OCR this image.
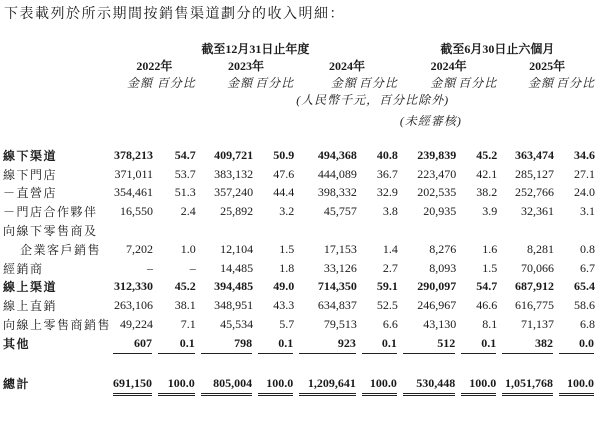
下表載列於所示期間按銷售渠道劃分的收入明細：
	截至12月31日止年度						截至6月30日止六個月			
	2022年		2023年		2024年		2024年		2025年	
	金額	百分比	金額	百分比	金額	百分比	金額	百分比	金額	百分比
					(人民幣千元，百分比除外)					
							(未經審核)			

線下渠道	378,213	54.7	409,721	50.9	494,368	40.8	239,839	45.2	363,474	34.6
線下門店	371,011	53.7	383,132	47.6	444,089	36.7	223,470	42.1	285,127	27.1
－直營店	354,461	51.3	357,240	44.4	398,332	32.9	202,535	38.2	252,766	24.0
－門店合作夥伴	16,550	2.4	25,892	3.2	45,757	3.8	20,935	3.9	32,361	3.1
向線下零售商及										
企業客戶銷售	7,202	1.0	12,104	1.5	17,153	1.4	8,276	1.6	8,281	0.8
經銷商	–	–	14,485	1.8	33,126	2.7	8,093	1.5	70,066	6.7
線上渠道	312,330	45.2	394,485	49.0	714,350	59.1	290,097	54.7	687,912	65.4
線上直銷	263,106	38.1	348,951	43.3	634,837	52.5	246,967	46.6	616,775	58.6
向線上零售商銷售	49,224	7.1	45,534	5.7	79,513	6.6	43,130	8.1	71,137	6.8
其他	607	0.1	798	0.1	923	0.1	512	0.1	382	0.0

總計	691,150	100.0	805,004	100.0	1,209,641	100.0	530,448	100.0	1,051,768	100.0
